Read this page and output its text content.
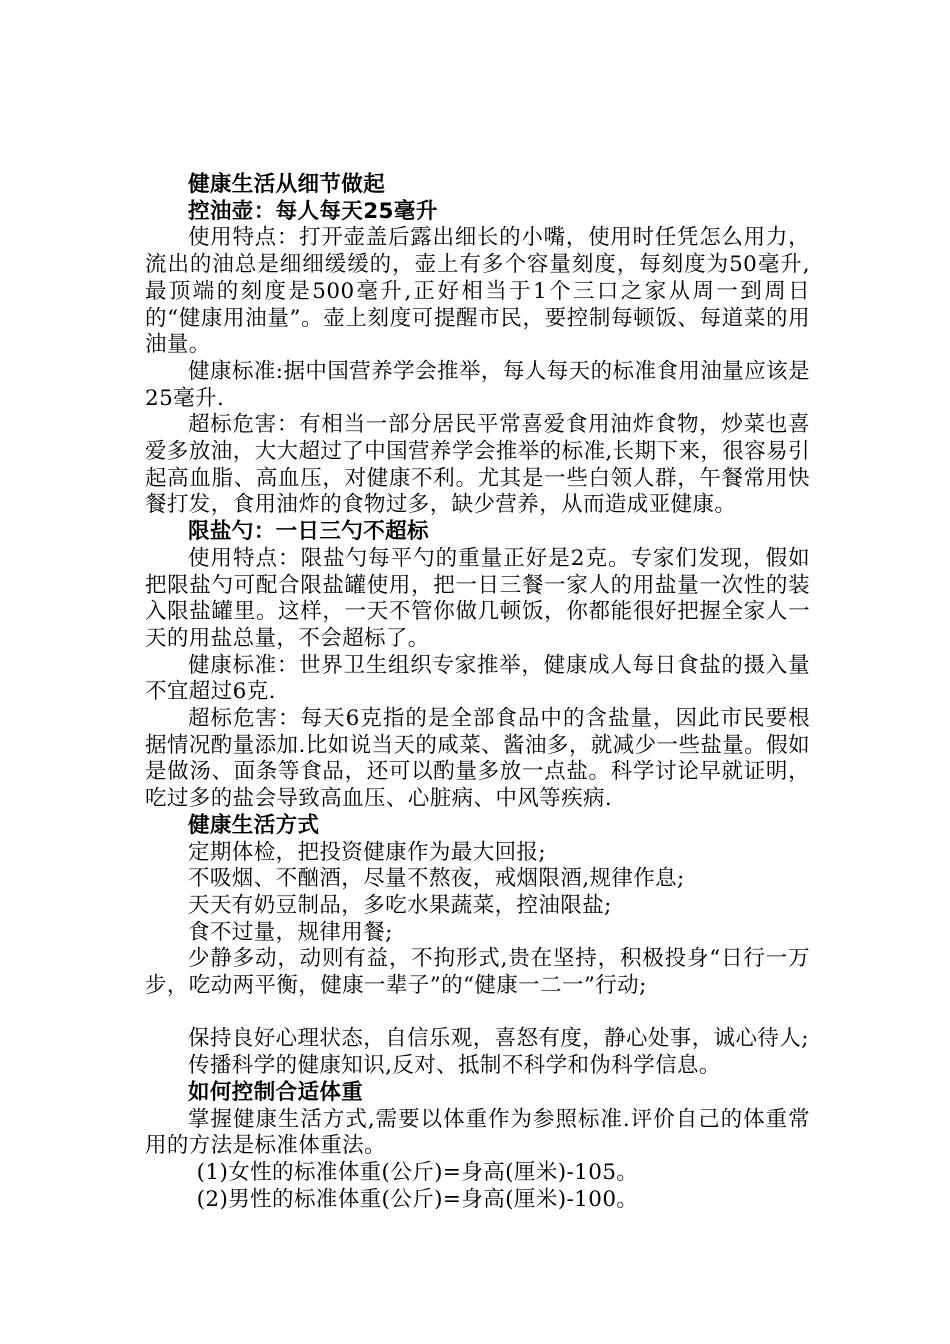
健康生活从细节做起

控油壶：每人每天25毫升

使用特点：打开壶盖后露出细长的小嘴，使用时任凭怎么用力，流出的油总是细细缓缓的，壶上有多个容量刻度，每刻度为50毫升,最顶端的刻度是500毫升,正好相当于1个三口之家从周一到周日的“健康用油量”。壶上刻度可提醒市民，要控制每顿饭、每道菜的用油量。

健康标准:据中国营养学会推举，每人每天的标准食用油量应该是25毫升.

超标危害：有相当一部分居民平常喜爱食用油炸食物，炒菜也喜爱多放油，大大超过了中国营养学会推举的标准,长期下来，很容易引起高血脂、高血压，对健康不利。尤其是一些白领人群，午餐常用快餐打发，食用油炸的食物过多，缺少营养，从而造成亚健康。

限盐勺：一日三勺不超标

使用特点：限盐勺每平勺的重量正好是2克。专家们发现，假如把限盐勺可配合限盐罐使用，把一日三餐一家人的用盐量一次性的装入限盐罐里。这样，一天不管你做几顿饭，你都能很好把握全家人一天的用盐总量，不会超标了。

健康标准：世界卫生组织专家推举，健康成人每日食盐的摄入量不宜超过6克.

超标危害：每天6克指的是全部食品中的含盐量，因此市民要根据情况酌量添加.比如说当天的咸菜、酱油多，就减少一些盐量。假如是做汤、面条等食品，还可以酌量多放一点盐。科学讨论早就证明，吃过多的盐会导致高血压、心脏病、中风等疾病.

健康生活方式

定期体检，把投资健康作为最大回报;

不吸烟、不酗酒，尽量不熬夜，戒烟限酒,规律作息;

天天有奶豆制品，多吃水果蔬菜，控油限盐;

食不过量，规律用餐;

少静多动，动则有益，不拘形式,贵在坚持，积极投身“日行一万步，吃动两平衡，健康一辈子”的“健康一二一”行动;

保持良好心理状态，自信乐观，喜怒有度，静心处事，诚心待人;

传播科学的健康知识,反对、抵制不科学和伪科学信息。

如何控制合适体重

掌握健康生活方式,需要以体重作为参照标准.评价自己的体重常用的方法是标准体重法。

(1)女性的标准体重(公斤)=身高(厘米)-105。

(2)男性的标准体重(公斤)=身高(厘米)-100。
